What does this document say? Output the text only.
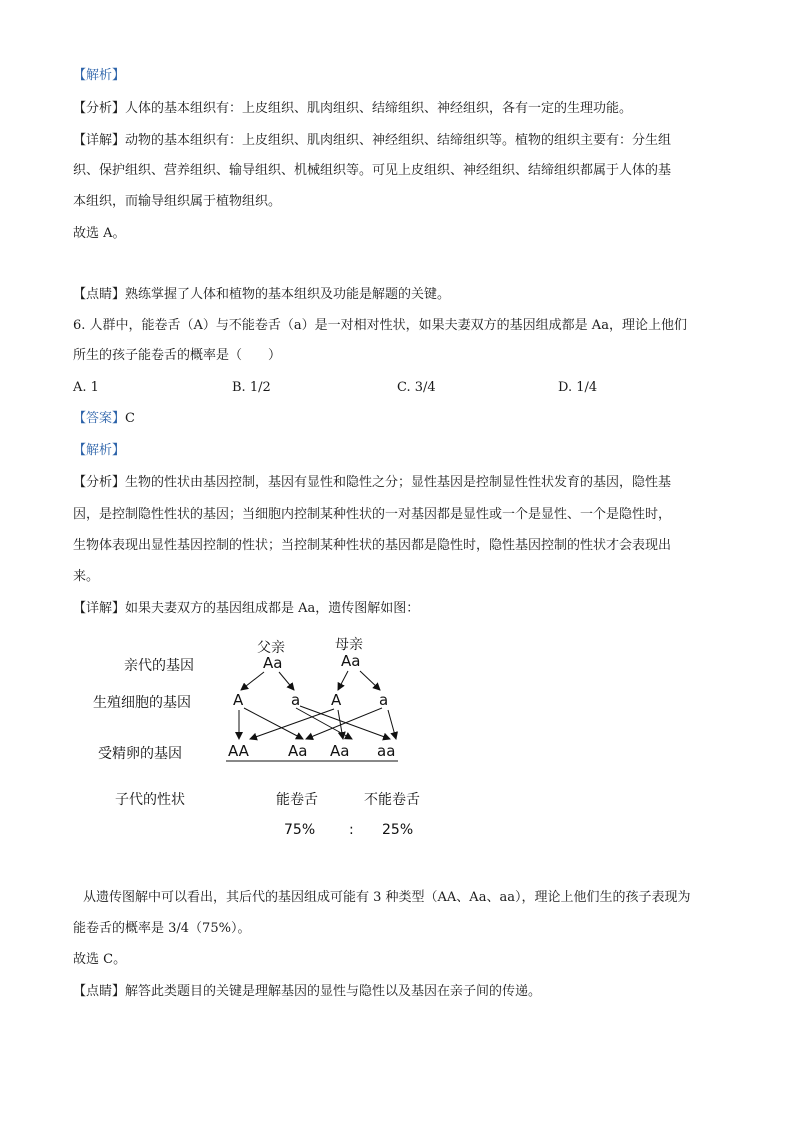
【解析】
【分析】人体的基本组织有：上皮组织、肌肉组织、结缔组织、神经组织，各有一定的生理功能。
【详解】动物的基本组织有：上皮组织、肌肉组织、神经组织、结缔组织等。植物的组织主要有：分生组
织、保护组织、营养组织、输导组织、机械组织等。可见上皮组织、神经组织、结缔组织都属于人体的基
本组织，而输导组织属于植物组织。
故选 A。
【点睛】熟练掌握了人体和植物的基本组织及功能是解题的关键。
6. 人群中，能卷舌（A）与不能卷舌（a）是一对相对性状，如果夫妻双方的基因组成都是 Aa，理论上他们
所生的孩子能卷舌的概率是（　　）
A. 1	B. 1/2	C. 3/4	D. 1/4
【答案】C
【解析】
【分析】生物的性状由基因控制，基因有显性和隐性之分；显性基因是控制显性性状发育的基因，隐性基
因，是控制隐性性状的基因；当细胞内控制某种性状的一对基因都是显性或一个是显性、一个是隐性时，
生物体表现出显性基因控制的性状；当控制某种性状的基因都是隐性时，隐性基因控制的性状才会表现出
来。
【详解】如果夫妻双方的基因组成都是 Aa，遗传图解如图：
亲代的基因
生殖细胞的基因
受精卵的基因
子代的性状
父亲
Aa
母亲
Aa
A	a A	a
AA	Aa Aa aa
能卷舌	不能卷舌
75% : 25%
从遗传图解中可以看出，其后代的基因组成可能有 3 种类型（AA、Aa、aa），理论上他们生的孩子表现为
能卷舌的概率是 3/4（75%）。
故选 C。
【点睛】解答此类题目的关键是理解基因的显性与隐性以及基因在亲子间的传递。
